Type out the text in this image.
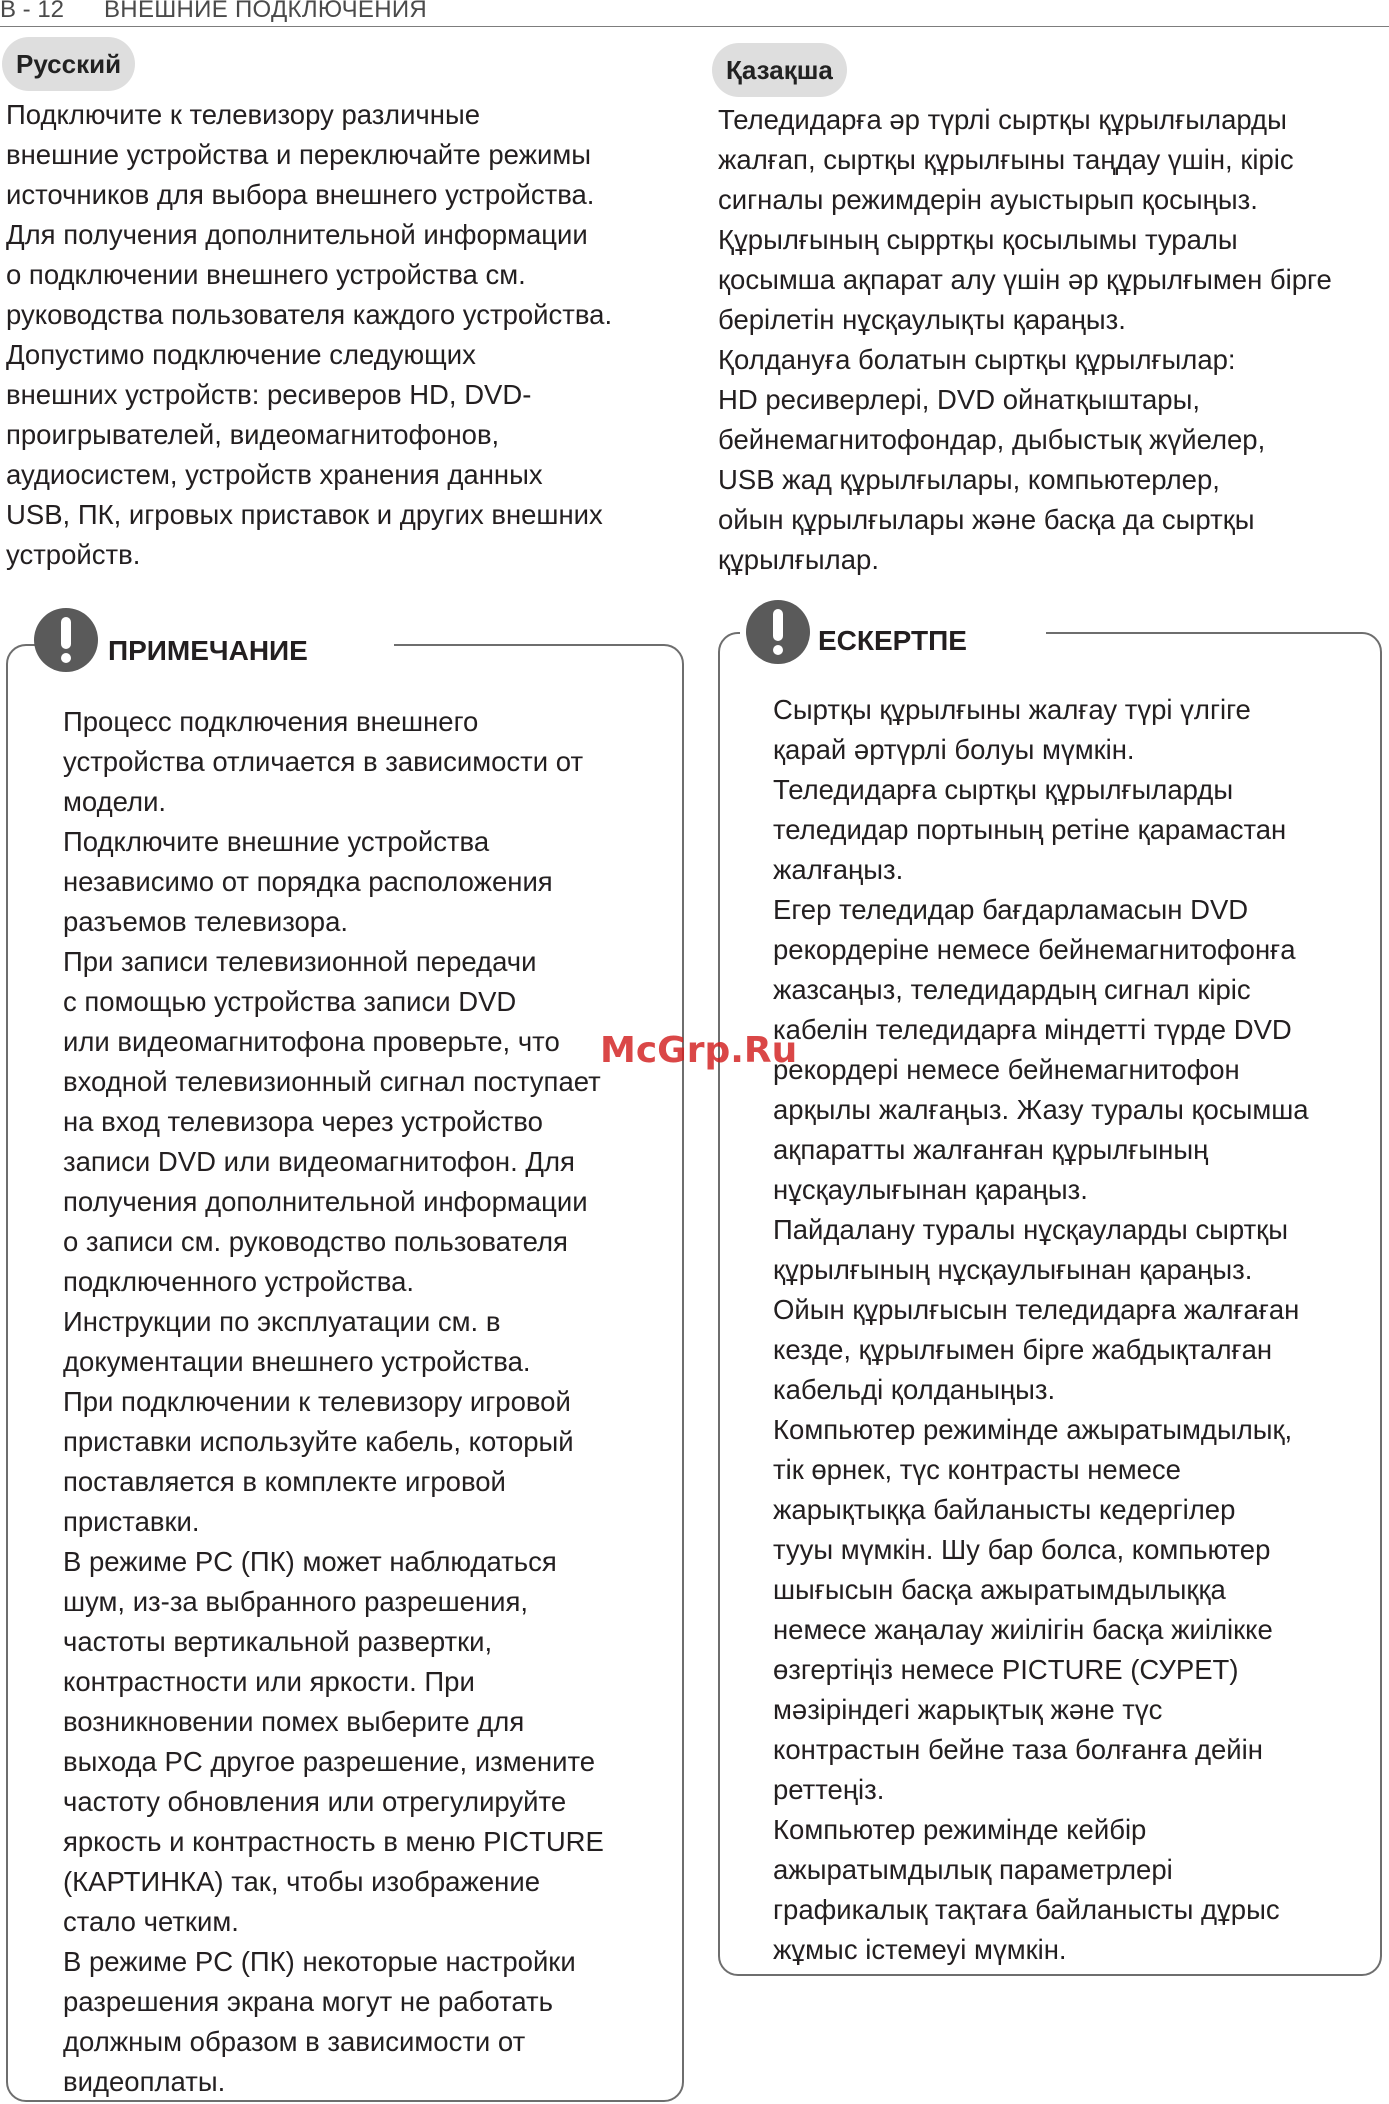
B - 12 ВНЕШНИЕ ПОДКЛЮЧЕНИЯ
Русский

Подключите к телевизору различные
внешние устройства и переключайте режимы
источников для выбора внешнего устройства.
Для получения дополнительной информации
о подключении внешнего устройства см.
руководства пользователя каждого устройства.
Допустимо подключение следующих
внешних устройств: ресиверов HD, DVD-
проигрывателей, видеомагнитофонов,
аудиосистем, устройств хранения данных
USB, ПК, игровых приставок и других внешних
устройств.

ПРИМЕЧАНИЕ

Процесс подключения внешнего
устройства отличается в зависимости от
модели.
Подключите внешние устройства
независимо от порядка расположения
разъемов телевизора.
При записи телевизионной передачи
с помощью устройства записи DVD
или видеомагнитофона проверьте, что
входной телевизионный сигнал поступает
на вход телевизора через устройство
записи DVD или видеомагнитофон. Для
получения дополнительной информации
о записи см. руководство пользователя
подключенного устройства.
Инструкции по эксплуатации см. в
документации внешнего устройства.
При подключении к телевизору игровой
приставки используйте кабель, который
поставляется в комплекте игровой
приставки.
В режиме PC (ПК) может наблюдаться
шум, из-за выбранного разрешения,
частоты вертикальной развертки,
контрастности или яркости. При
возникновении помех выберите для
выхода PC другое разрешение, измените
частоту обновления или отрегулируйте
яркость и контрастность в меню PICTURE
(КАРТИНКА) так, чтобы изображение
стало четким.
В режиме PC (ПК) некоторые настройки
разрешения экрана могут не работать
должным образом в зависимости от
видеоплаты.

Қазақша

Теледидарға әр түрлі сыртқы құрылғыларды
жалғап, сыртқы құрылғыны таңдау үшін, кіріс
сигналы режимдерін ауыстырып қосыңыз.
Құрылғының сырртқы қосылымы туралы
қосымша ақпарат алу үшін әр құрылғымен бірге
берілетін нұсқаулықты қараңыз.
Қолдануға болатын сыртқы құрылғылар:
HD ресиверлері, DVD ойнатқыштары,
бейнемагнитофондар, дыбыстық жүйелер,
USB жад құрылғылары, компьютерлер,
ойын құрылғылары және басқа да сыртқы
құрылғылар.

ЕСКЕРТПЕ

Сыртқы құрылғыны жалғау түрі үлгіге
қарай әртүрлі болуы мүмкін.
Теледидарға сыртқы құрылғыларды
теледидар портының ретіне қарамастан
жалғаңыз.
Егер теледидар бағдарламасын DVD
рекордеріне немесе бейнемагнитофонға
жазсаңыз, теледидардың сигнал кіріс
кабелін теледидарға міндетті түрде DVD
рекордері немесе бейнемагнитофон
арқылы жалғаңыз. Жазу туралы қосымша
ақпаратты жалғанған құрылғының
нұсқаулығынан қараңыз.
Пайдалану туралы нұсқауларды сыртқы
құрылғының нұсқаулығынан қараңыз.
Ойын құрылғысын теледидарға жалғаған
кезде, құрылғымен бірге жабдықталған
кабельді қолданыңыз.
Компьютер режимінде ажыратымдылық,
тік өрнек, түс контрасты немесе
жарықтыққа байланысты кедергілер
тууы мүмкін. Шу бар болса, компьютер
шығысын басқа ажыратымдылыққа
немесе жаңалау жиілігін басқа жиілікке
өзгертіңіз немесе PICTURE (СУРЕТ)
мәзіріндегі жарықтық және түс
контрастын бейне таза болғанға дейін
реттеңіз.
Компьютер режимінде кейбір
ажыратымдылық параметрлері
графикалық тақтаға байланысты дұрыс
жұмыс істемеуі мүмкін.

McGrp.Ru
